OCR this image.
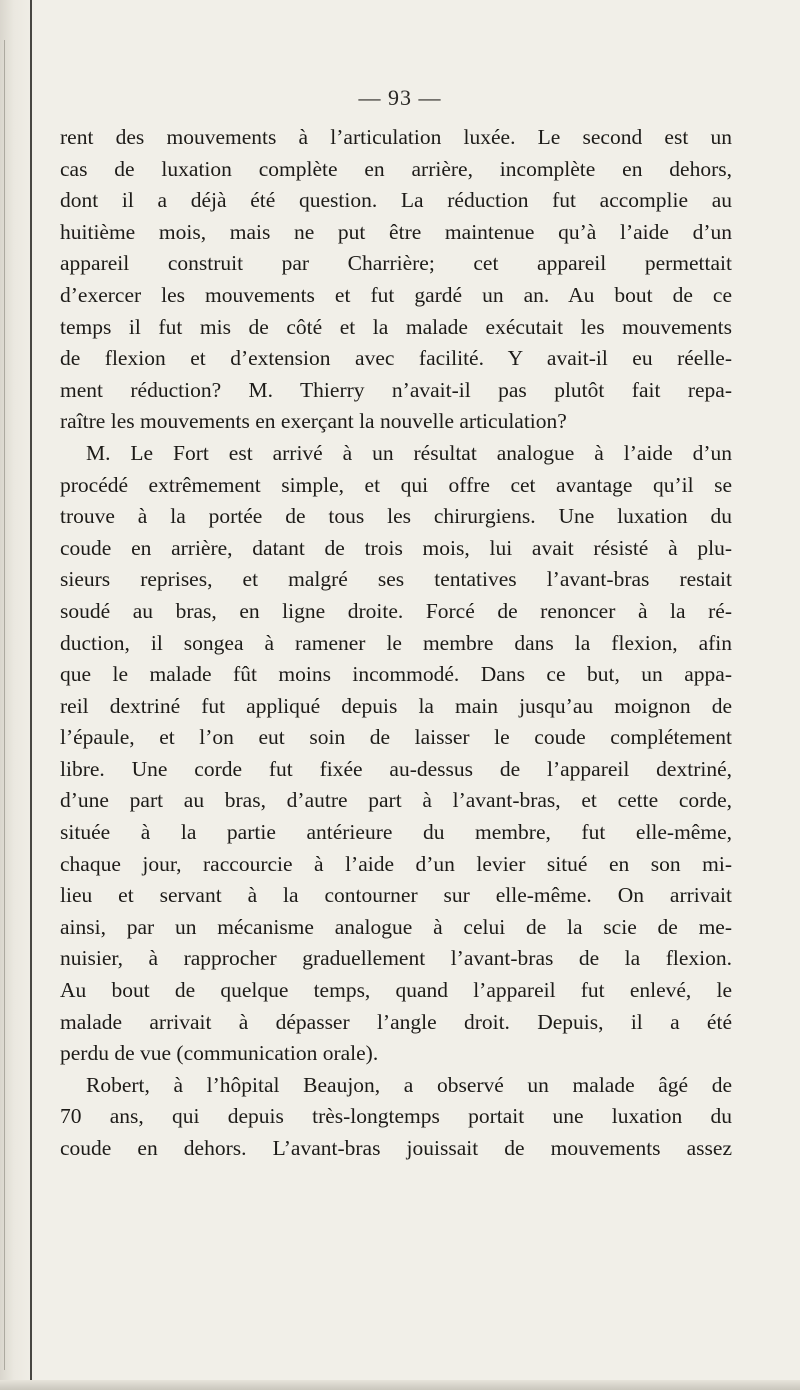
— 93 —
rent des mouvements à l’articulation luxée. Le second est un
cas de luxation complète en arrière, incomplète en dehors,
dont il a déjà été question. La réduction fut accomplie au
huitième mois, mais ne put être maintenue qu’à l’aide d’un
appareil construit par Charrière; cet appareil permettait
d’exercer les mouvements et fut gardé un an. Au bout de ce
temps il fut mis de côté et la malade exécutait les mouvements
de flexion et d’extension avec facilité. Y avait-il eu réelle-
ment réduction? M. Thierry n’avait-il pas plutôt fait repa-
raître les mouvements en exerçant la nouvelle articulation?
M. Le Fort est arrivé à un résultat analogue à l’aide d’un
procédé extrêmement simple, et qui offre cet avantage qu’il se
trouve à la portée de tous les chirurgiens. Une luxation du
coude en arrière, datant de trois mois, lui avait résisté à plu-
sieurs reprises, et malgré ses tentatives l’avant-bras restait
soudé au bras, en ligne droite. Forcé de renoncer à la ré-
duction, il songea à ramener le membre dans la flexion, afin
que le malade fût moins incommodé. Dans ce but, un appa-
reil dextriné fut appliqué depuis la main jusqu’au moignon de
l’épaule, et l’on eut soin de laisser le coude complétement
libre. Une corde fut fixée au-dessus de l’appareil dextriné,
d’une part au bras, d’autre part à l’avant-bras, et cette corde,
située à la partie antérieure du membre, fut elle-même,
chaque jour, raccourcie à l’aide d’un levier situé en son mi-
lieu et servant à la contourner sur elle-même. On arrivait
ainsi, par un mécanisme analogue à celui de la scie de me-
nuisier, à rapprocher graduellement l’avant-bras de la flexion.
Au bout de quelque temps, quand l’appareil fut enlevé, le
malade arrivait à dépasser l’angle droit. Depuis, il a été
perdu de vue (communication orale).
Robert, à l’hôpital Beaujon, a observé un malade âgé de
70 ans, qui depuis très-longtemps portait une luxation du
coude en dehors. L’avant-bras jouissait de mouvements assez
